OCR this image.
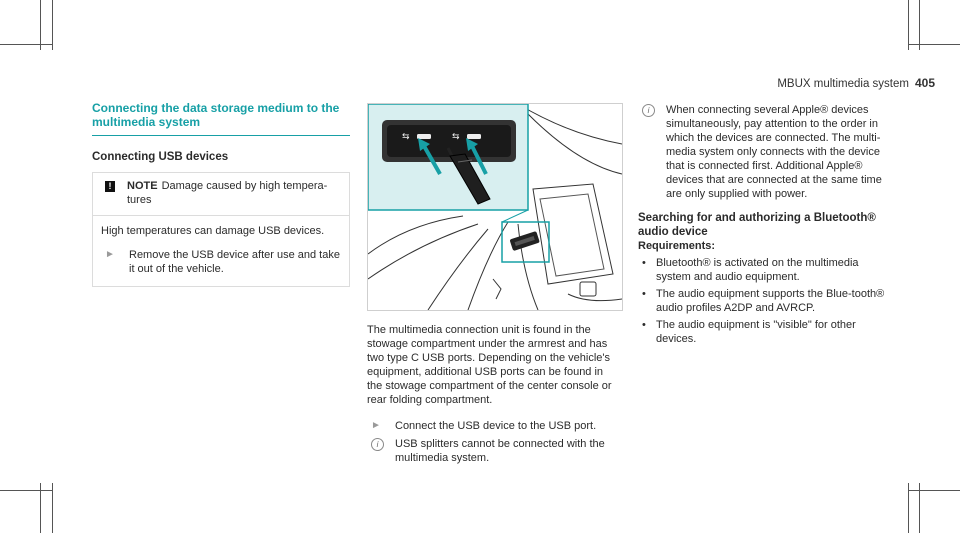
MBUX multimedia system 405
Connecting the data storage medium to the
multimedia system
Connecting USB devices
!	NOTE Damage caused by high tempera-tures

High temperatures can damage USB devices.

►	Remove the USB device after use and take it out of the vehicle.

⇆	⇆

The multimedia connection unit is found in the stowage compartment under the armrest and has two type C USB ports. Depending on the vehicle's equipment, additional USB ports can be found in the stowage compartment of the center console or rear folding compartment.

►	Connect the USB device to the USB port.

i	USB splitters cannot be connected with the multimedia system.

i	When connecting several Apple® devices simultaneously, pay attention to the order in which the devices are connected. The multi-media system only connects with the device that is connected first. Additional Apple® devices that are connected at the same time are only supplied with power.

Searching for and authorizing a Bluetooth® audio device
Requirements:
• Bluetooth® is activated on the multimedia system and audio equipment.

• The audio equipment supports the Blue-tooth® audio profiles A2DP and AVRCP.

• The audio equipment is "visible" for other devices.
